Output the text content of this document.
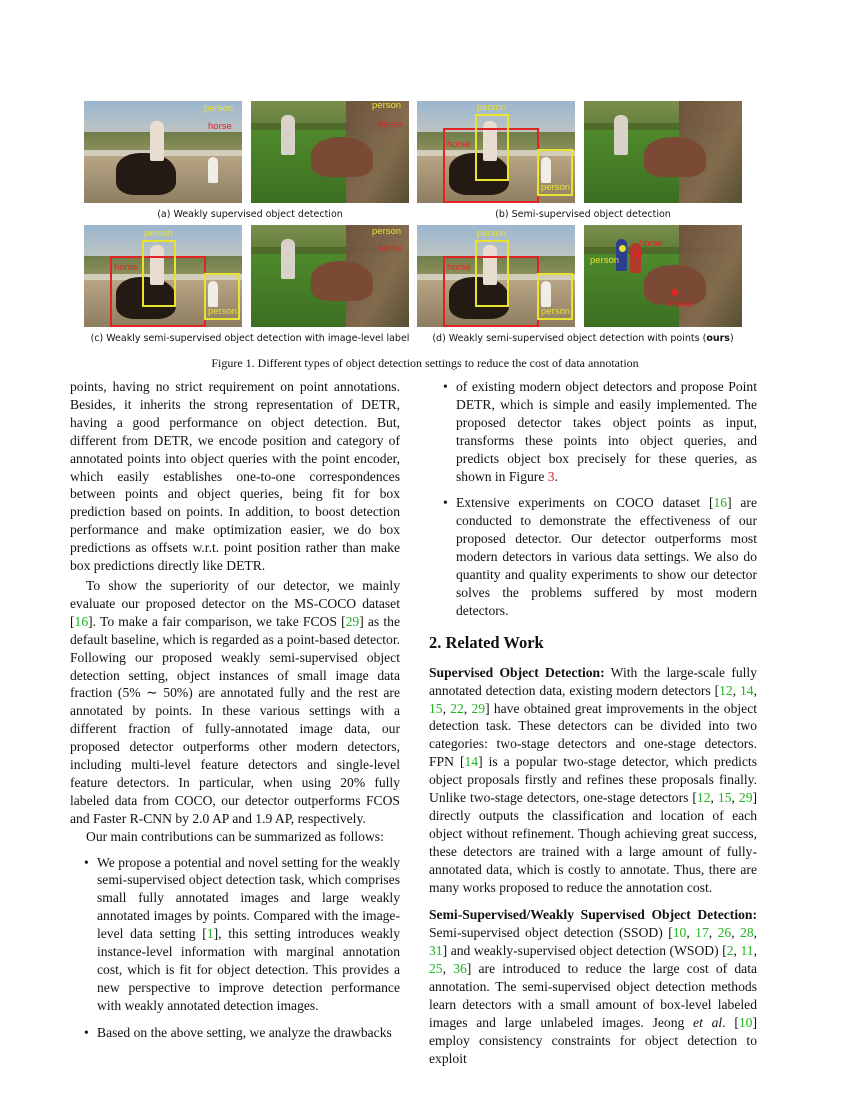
person
horse
person
horse
(a) Weakly supervised object detection
person
horse
person
(b) Semi-supervised object detection
person
horse
person
person
horse
(c) Weakly semi-supervised object detection with image-level label
person
horse
person
person
horse
horse
(d) Weakly semi-supervised object detection with points (ours)
Figure 1. Different types of object detection settings to reduce the cost of data annotation

points, having no strict requirement on point annotations. Besides, it inherits the strong representation of DETR, having a good performance on object detection. But, different from DETR, we encode position and category of annotated points into object queries with the point encoder, which easily establishes one-to-one correspondences between points and object queries, being fit for box prediction based on points. In addition, to boost detection performance and make optimization easier, we do box predictions as offsets w.r.t. point position rather than make box predictions directly like DETR.

To show the superiority of our detector, we mainly evaluate our proposed detector on the MS-COCO dataset [16]. To make a fair comparison, we take FCOS [29] as the default baseline, which is regarded as a point-based detector. Following our proposed weakly semi-supervised object detection setting, object instances of small image data fraction (5% ∼ 50%) are annotated fully and the rest are annotated by points. In these various settings with a different fraction of fully-annotated image data, our proposed detector outperforms other modern detectors, including multi-level feature detectors and single-level feature detectors. In particular, when using 20% fully labeled data from COCO, our detector outperforms FCOS and Faster R-CNN by 2.0 AP and 1.9 AP, respectively.

Our main contributions can be summarized as follows:

• We propose a potential and novel setting for the weakly semi-supervised object detection task, which comprises small fully annotated images and large weakly annotated images by points. Compared with the image-level data setting [1], this setting introduces weakly instance-level information with marginal annotation cost, which is fit for object detection. This provides a new perspective to improve detection performance with weakly annotated detection images.
• Based on the above setting, we analyze the drawbacks
• of existing modern object detectors and propose Point DETR, which is simple and easily implemented. The proposed detector takes object points as input, transforms these points into object queries, and predicts object box precisely for these queries, as shown in Figure 3.
• Extensive experiments on COCO dataset [16] are conducted to demonstrate the effectiveness of our proposed detector. Our detector outperforms most modern detectors in various data settings. We also do quantity and quality experiments to show our detector solves the problems suffered by most modern detectors.
2. Related Work

Supervised Object Detection: With the large-scale fully annotated detection data, existing modern detectors [12, 14, 15, 22, 29] have obtained great improvements in the object detection task. These detectors can be divided into two categories: two-stage detectors and one-stage detectors. FPN [14] is a popular two-stage detector, which predicts object proposals firstly and refines these proposals finally. Unlike two-stage detectors, one-stage detectors [12, 15, 29] directly outputs the classification and location of each object without refinement. Though achieving great success, these detectors are trained with a large amount of fully-annotated data, which is costly to annotate. Thus, there are many works proposed to reduce the annotation cost.

Semi-Supervised/Weakly Supervised Object Detection: Semi-supervised object detection (SSOD) [10, 17, 26, 28, 31] and weakly-supervised object detection (WSOD) [2, 11, 25, 36] are introduced to reduce the large cost of data annotation. The semi-supervised object detection methods learn detectors with a small amount of box-level labeled images and large unlabeled images. Jeong et al. [10] employ consistency constraints for object detection to exploit
